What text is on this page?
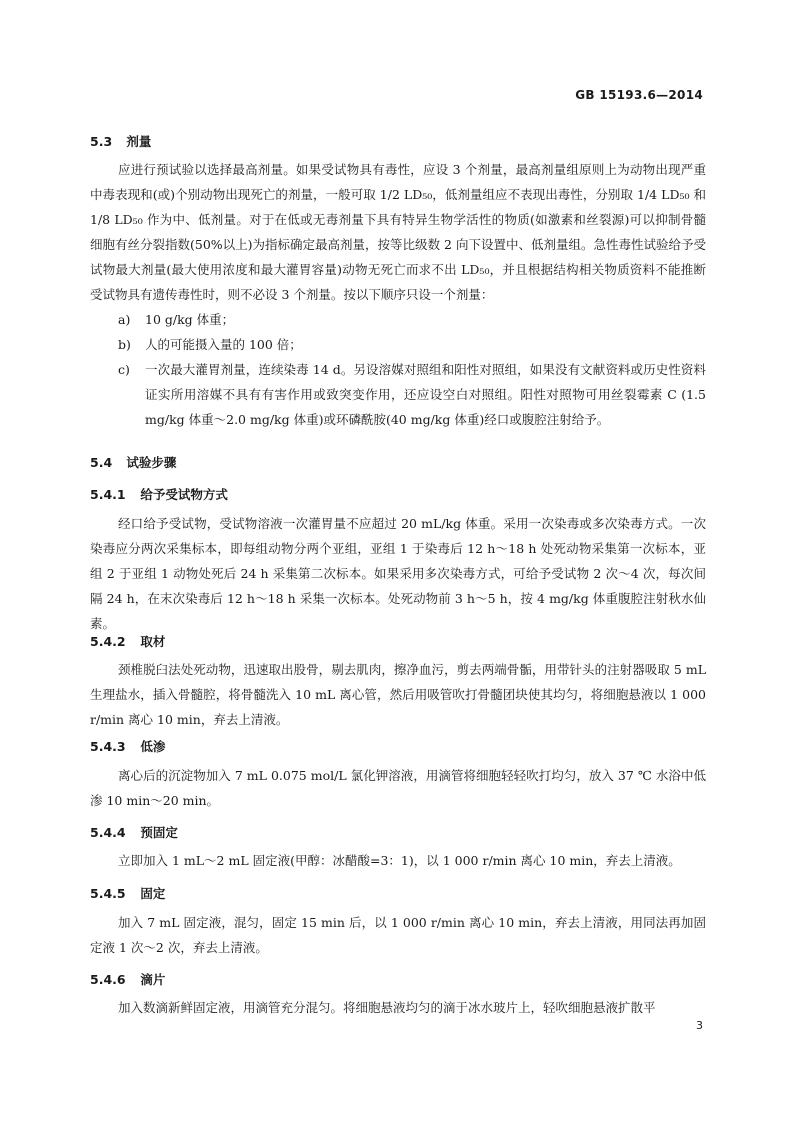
GB 15193.6—2014
5.3 剂量

应进行预试验以选择最高剂量。如果受试物具有毒性，应设 3 个剂量，最高剂量组原则上为动物出现严重中毒表现和(或)个别动物出现死亡的剂量，一般可取 1/2 LD₅₀，低剂量组应不表现出毒性，分别取 1/4 LD₅₀ 和 1/8 LD₅₀ 作为中、低剂量。对于在低或无毒剂量下具有特异生物学活性的物质(如激素和丝裂源)可以抑制骨髓细胞有丝分裂指数(50%以上)为指标确定最高剂量，按等比级数 2 向下设置中、低剂量组。急性毒性试验给予受试物最大剂量(最大使用浓度和最大灌胃容量)动物无死亡而求不出 LD₅₀，并且根据结构相关物质资料不能推断受试物具有遗传毒性时，则不必设 3 个剂量。按以下顺序只设一个剂量：

a) 10 g/kg 体重；
b) 人的可能摄入量的 100 倍；
c) 一次最大灌胃剂量，连续染毒 14 d。另设溶媒对照组和阳性对照组，如果没有文献资料或历史性资料证实所用溶媒不具有有害作用或致突变作用，还应设空白对照组。阳性对照物可用丝裂霉素 C (1.5 mg/kg 体重～2.0 mg/kg 体重)或环磷酰胺(40 mg/kg 体重)经口或腹腔注射给予。
5.4 试验步骤
5.4.1 给予受试物方式

经口给予受试物，受试物溶液一次灌胃量不应超过 20 mL/kg 体重。采用一次染毒或多次染毒方式。一次染毒应分两次采集标本，即每组动物分两个亚组，亚组 1 于染毒后 12 h～18 h 处死动物采集第一次标本，亚组 2 于亚组 1 动物处死后 24 h 采集第二次标本。如果采用多次染毒方式，可给予受试物 2 次～4 次，每次间隔 24 h，在末次染毒后 12 h～18 h 采集一次标本。处死动物前 3 h～5 h，按 4 mg/kg 体重腹腔注射秋水仙素。

5.4.2 取材

颈椎脱臼法处死动物，迅速取出股骨，剔去肌肉，擦净血污，剪去两端骨骺，用带针头的注射器吸取 5 mL 生理盐水，插入骨髓腔，将骨髓洗入 10 mL 离心管，然后用吸管吹打骨髓团块使其均匀，将细胞悬液以 1 000 r/min 离心 10 min，弃去上清液。

5.4.3 低渗

离心后的沉淀物加入 7 mL 0.075 mol/L 氯化钾溶液，用滴管将细胞轻轻吹打均匀，放入 37 ℃ 水浴中低渗 10 min～20 min。

5.4.4 预固定

立即加入 1 mL～2 mL 固定液(甲醇：冰醋酸=3：1)，以 1 000 r/min 离心 10 min，弃去上清液。

5.4.5 固定

加入 7 mL 固定液，混匀，固定 15 min 后，以 1 000 r/min 离心 10 min，弃去上清液，用同法再加固定液 1 次～2 次，弃去上清液。

5.4.6 滴片

加入数滴新鲜固定液，用滴管充分混匀。将细胞悬液均匀的滴于冰水玻片上，轻吹细胞悬液扩散平

3
